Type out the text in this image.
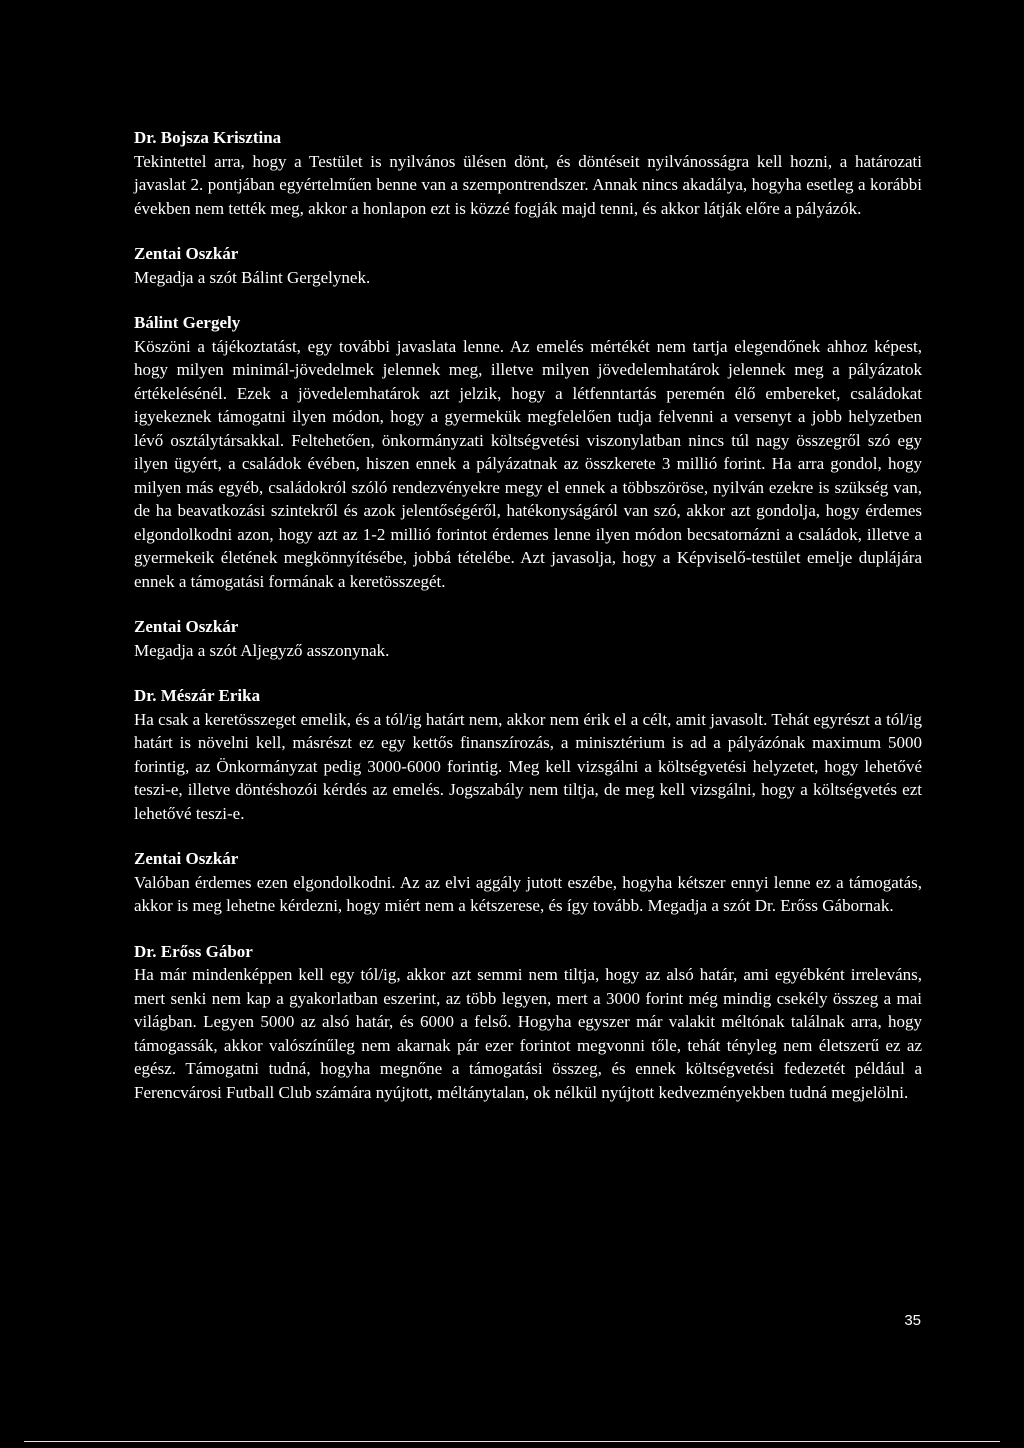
Dr. Bojsza Krisztina
Tekintettel arra, hogy a Testület is nyilvános ülésen dönt, és döntéseit nyilvánosságra kell hozni, a határozati javaslat 2. pontjában egyértelműen benne van a szempontrendszer. Annak nincs akadálya, hogyha esetleg a korábbi években nem tették meg, akkor a honlapon ezt is közzé fogják majd tenni, és akkor látják előre a pályázók.
Zentai Oszkár
Megadja a szót Bálint Gergelynek.
Bálint Gergely
Köszöni a tájékoztatást, egy további javaslata lenne. Az emelés mértékét nem tartja elegendőnek ahhoz képest, hogy milyen minimál-jövedelmek jelennek meg, illetve milyen jövedelemhatárok jelennek meg a pályázatok értékelésénél. Ezek a jövedelemhatárok azt jelzik, hogy a létfenntartás peremén élő embereket, családokat igyekeznek támogatni ilyen módon, hogy a gyermekük megfelelően tudja felvenni a versenyt a jobb helyzetben lévő osztálytársakkal. Feltehetően, önkormányzati költségvetési viszonylatban nincs túl nagy összegről szó egy ilyen ügyért, a családok évében, hiszen ennek a pályázatnak az összkerete 3 millió forint. Ha arra gondol, hogy milyen más egyéb, családokról szóló rendezvényekre megy el ennek a többszöröse, nyilván ezekre is szükség van, de ha beavatkozási szintekről és azok jelentőségéről, hatékonyságáról van szó, akkor azt gondolja, hogy érdemes elgondolkodni azon, hogy azt az 1-2 millió forintot érdemes lenne ilyen módon becsatornázni a családok, illetve a gyermekeik életének megkönnyítésébe, jobbá tételébe. Azt javasolja, hogy a Képviselő-testület emelje duplájára ennek a támogatási formának a keretösszegét.
Zentai Oszkár
Megadja a szót Aljegyző asszonynak.
Dr. Mészár Erika
Ha csak a keretösszeget emelik, és a tól/ig határt nem, akkor nem érik el a célt, amit javasolt. Tehát egyrészt a tól/ig határt is növelni kell, másrészt ez egy kettős finanszírozás, a minisztérium is ad a pályázónak maximum 5000 forintig, az Önkormányzat pedig 3000-6000 forintig. Meg kell vizsgálni a költségvetési helyzetet, hogy lehetővé teszi-e, illetve döntéshozói kérdés az emelés. Jogszabály nem tiltja, de meg kell vizsgálni, hogy a költségvetés ezt lehetővé teszi-e.
Zentai Oszkár
Valóban érdemes ezen elgondolkodni. Az az elvi aggály jutott eszébe, hogyha kétszer ennyi lenne ez a támogatás, akkor is meg lehetne kérdezni, hogy miért nem a kétszerese, és így tovább. Megadja a szót Dr. Erőss Gábornak.
Dr. Erőss Gábor
Ha már mindenképpen kell egy tól/ig, akkor azt semmi nem tiltja, hogy az alsó határ, ami egyébként irreleváns, mert senki nem kap a gyakorlatban eszerint, az több legyen, mert a 3000 forint még mindig csekély összeg a mai világban. Legyen 5000 az alsó határ, és 6000 a felső. Hogyha egyszer már valakit méltónak találnak arra, hogy támogassák, akkor valószínűleg nem akarnak pár ezer forintot megvonni tőle, tehát tényleg nem életszerű ez az egész. Támogatni tudná, hogyha megnőne a támogatási összeg, és ennek költségvetési fedezetét például a Ferencvárosi Futball Club számára nyújtott, méltánytalan, ok nélkül nyújtott kedvezményekben tudná megjelölni.
35
